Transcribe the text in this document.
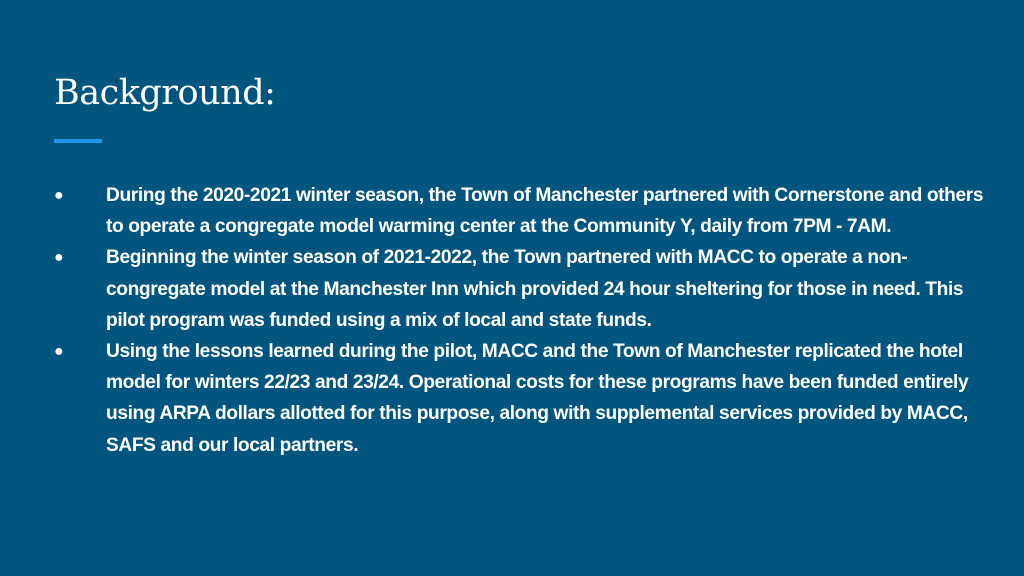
Background:
●	During the 2020-2021 winter season, the Town of Manchester partnered with Cornerstone and others to operate a congregate model warming center at the Community Y, daily from 7PM - 7AM.
●	Beginning the winter season of 2021-2022, the Town partnered with MACC to operate a non-congregate model at the Manchester Inn which provided 24 hour sheltering for those in need. This pilot program was funded using a mix of local and state funds.
●	Using the lessons learned during the pilot, MACC and the Town of Manchester replicated the hotel model for winters 22/23 and 23/24. Operational costs for these programs have been funded entirely using ARPA dollars allotted for this purpose, along with supplemental services provided by MACC, SAFS and our local partners.
